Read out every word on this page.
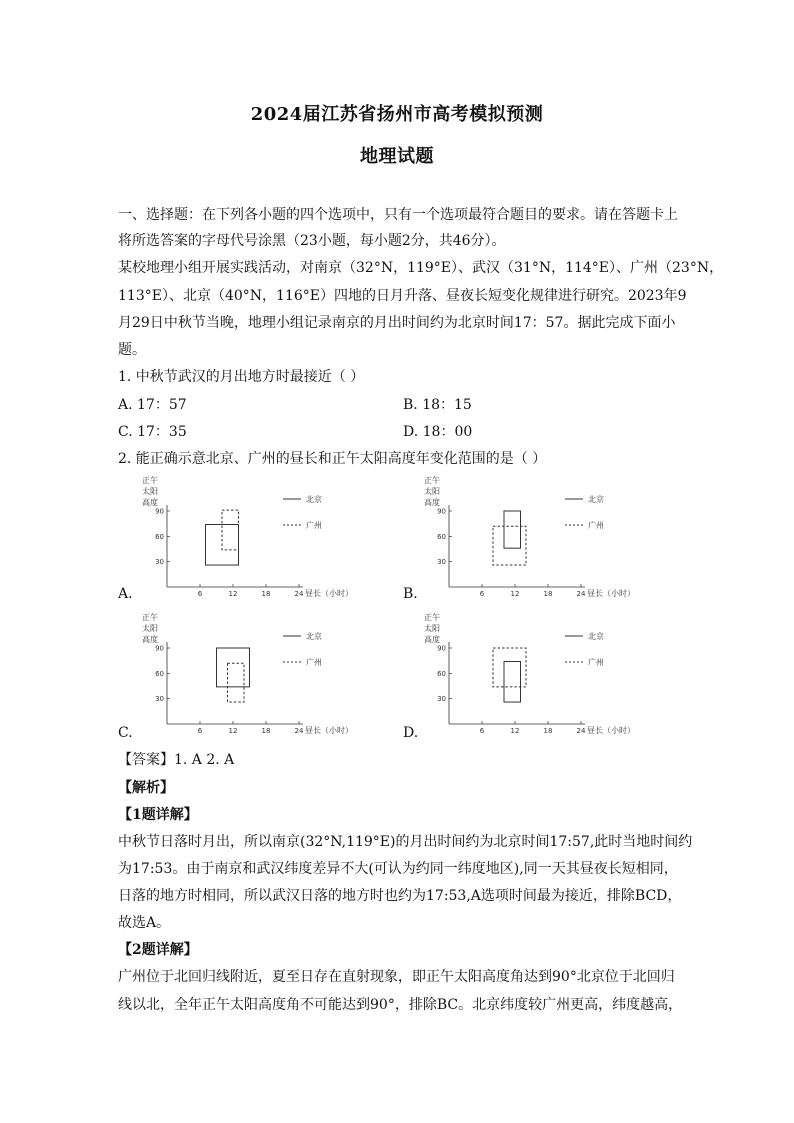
2024届江苏省扬州市高考模拟预测
地理试题
一、选择题：在下列各小题的四个选项中，只有一个选项最符合题目的要求。请在答题卡上
将所选答案的字母代号涂黑（23小题，每小题2分，共46分）。
某校地理小组开展实践活动，对南京（32°N，119°E）、武汉（31°N，114°E）、广州（23°N，
113°E）、北京（40°N，116°E）四地的日月升落、昼夜长短变化规律进行研究。2023年9
月29日中秋节当晚，地理小组记录南京的月出时间约为北京时间17：57。据此完成下面小
题。
1. 中秋节武汉的月出地方时最接近（ ）
A. 17：57	B. 18：15
C. 17：35	D. 18：00
2. 能正确示意北京、广州的昼长和正午太阳高度年变化范围的是（ ）
正午
太阳
高度
30
60
90
6	12	18	24 昼长（小时）
北京
广州
A.
正午
太阳
高度
30
60
90
6	12	18	24 昼长（小时）
北京
广州
B.
正午
太阳
高度
30
60
90
6	12	18	24 昼长（小时）
北京
广州
C.
正午
太阳
高度
30
60
90
6	12	18	24 昼长（小时）
北京
广州
D.
【答案】1. A 2. A
【解析】
【1题详解】
中秋节日落时月出，所以南京(32°N,119°E)的月出时间约为北京时间17:57,此时当地时间约
为17:53。由于南京和武汉纬度差异不大(可认为约同一纬度地区),同一天其昼夜长短相同，
日落的地方时相同，所以武汉日落的地方时也约为17:53,A选项时间最为接近，排除BCD，
故选A。
【2题详解】
广州位于北回归线附近，夏至日存在直射现象，即正午太阳高度角达到90°北京位于北回归
线以北，全年正午太阳高度角不可能达到90°，排除BC。北京纬度较广州更高，纬度越高，
